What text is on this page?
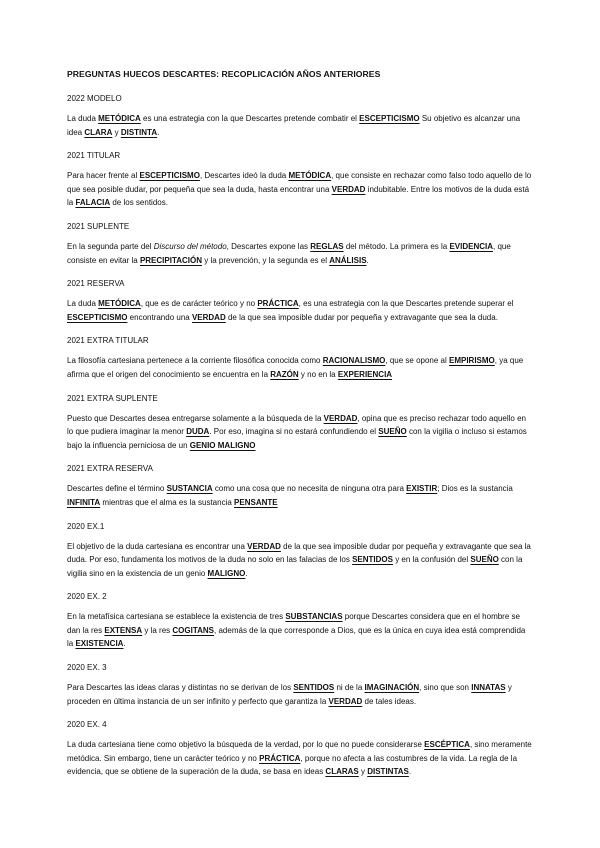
PREGUNTAS HUECOS DESCARTES: RECOPLICACIÓN AÑOS ANTERIORES
2022 MODELO
La duda METÓDICA es una estrategia con la que Descartes pretende combatir el ESCEPTICISMO Su objetivo es alcanzar una idea CLARA y DISTINTA.
2021 TITULAR
Para hacer frente al ESCEPTICISMO, Descartes ideó la duda METÓDICA, que consiste en rechazar como falso todo aquello de lo que sea posible dudar, por pequeña que sea la duda, hasta encontrar una VERDAD indubitable. Entre los motivos de la duda está la FALACIA de los sentidos.
2021 SUPLENTE
En la segunda parte del Discurso del método, Descartes expone las REGLAS del método. La primera es la EVIDENCIA, que consiste en evitar la PRECIPITACIÓN y la prevención, y la segunda es el ANÁLISIS.
2021 RESERVA
La duda METÓDICA, que es de carácter teórico y no PRÁCTICA, es una estrategia con la que Descartes pretende superar el ESCEPTICISMO encontrando una VERDAD de la que sea imposible dudar por pequeña y extravagante que sea la duda.
2021 EXTRA TITULAR
La filosofía cartesiana pertenece a la corriente filosófica conocida como RACIONALISMO, que se opone al EMPIRISMO, ya que afirma que el origen del conocimiento se encuentra en la RAZÓN y no en la EXPERIENCIA
2021 EXTRA SUPLENTE
Puesto que Descartes desea entregarse solamente a la búsqueda de la VERDAD, opina que es preciso rechazar todo aquello en lo que pudiera imaginar la menor DUDA. Por eso, imagina si no estará confundiendo el SUEÑO con la vigilia o incluso si estamos bajo la influencia perniciosa de un GENIO MALIGNO
2021 EXTRA RESERVA
Descartes define el término SUSTANCIA como una cosa que no necesita de ninguna otra para EXISTIR; Dios es la sustancia INFINITA mientras que el alma es la sustancia PENSANTE
2020 EX.1
El objetivo de la duda cartesiana es encontrar una VERDAD de la que sea imposible dudar por pequeña y extravagante que sea la duda. Por eso, fundamenta los motivos de la duda no solo en las falacias de los SENTIDOS y en la confusión del SUEÑO con la vigilia sino en la existencia de un genio MALIGNO.
2020 EX. 2
En la metafísica cartesiana se establece la existencia de tres SUBSTANCIAS porque Descartes considera que en el hombre se dan la res EXTENSA y la res COGITANS, además de la que corresponde a Dios, que es la única en cuya idea está comprendida la EXISTENCIA.
2020 EX. 3
Para Descartes las ideas claras y distintas no se derivan de los SENTIDOS ni de la IMAGINACIÓN, sino que son INNATAS y proceden en última instancia de un ser infinito y perfecto que garantiza la VERDAD de tales ideas.
2020 EX. 4
La duda cartesiana tiene como objetivo la búsqueda de la verdad, por lo que no puede considerarse ESCÉPTICA, sino meramente metódica. Sin embargo, tiene un carácter teórico y no PRÁCTICA, porque no afecta a las costumbres de la vida. La regla de la evidencia, que se obtiene de la superación de la duda, se basa en ideas CLARAS y DISTINTAS.
